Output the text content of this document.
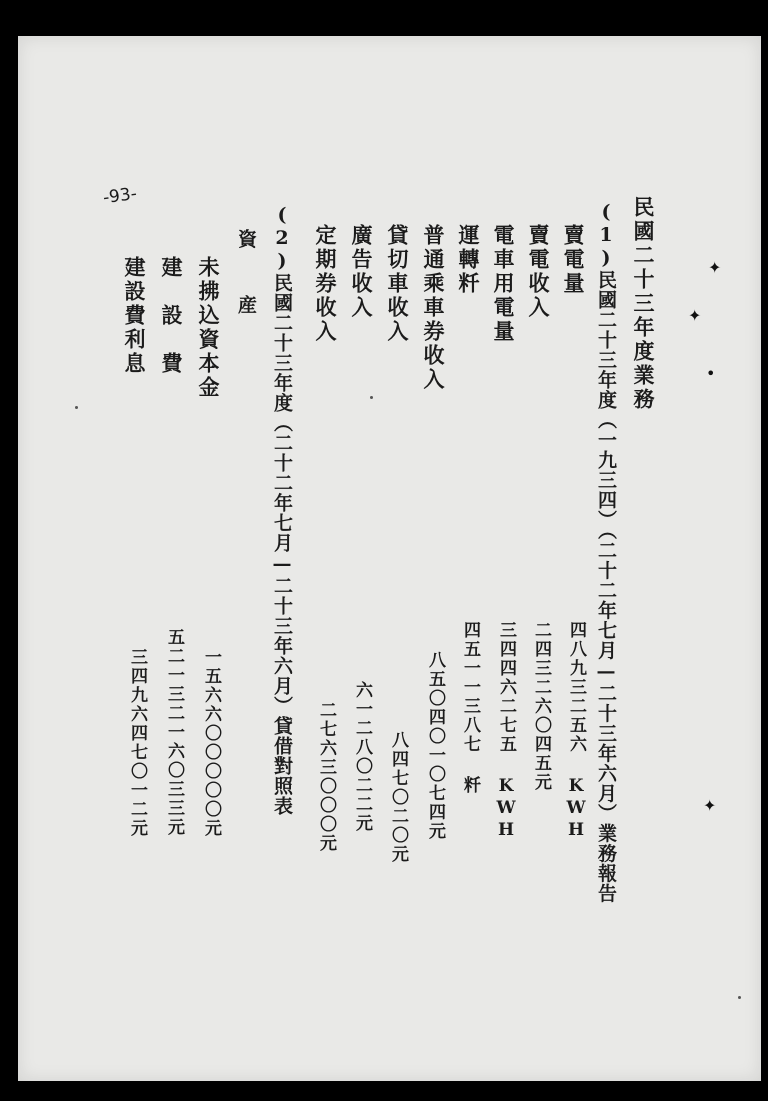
-93-	民國二十三年度業務
(1)民國二十三年度（一九三四）（二十二年七月—二十三年六月）業務報告
賣電量
賣電收入
電車用電量
運轉粁
普通乘車券收入
貸切車收入
廣告收入
定期券收入
四八九三二五六 KWH
二四三二六〇四五元
三四四六二七五 KWH
四五一一三八七 粁
八五〇四〇一〇七四元
八四七〇二〇元
六一二八〇二二元
二七六三〇〇〇元
(2)民國二十三年度（二十二年七月—二十三年六月）貸借對照表
資　　産
未拂込資本金
建　設　費
建設費利息
一五六六〇〇〇〇〇元
五二一三二一六〇三三元
三四九六四七〇一二元
✦
✦
•
✦
